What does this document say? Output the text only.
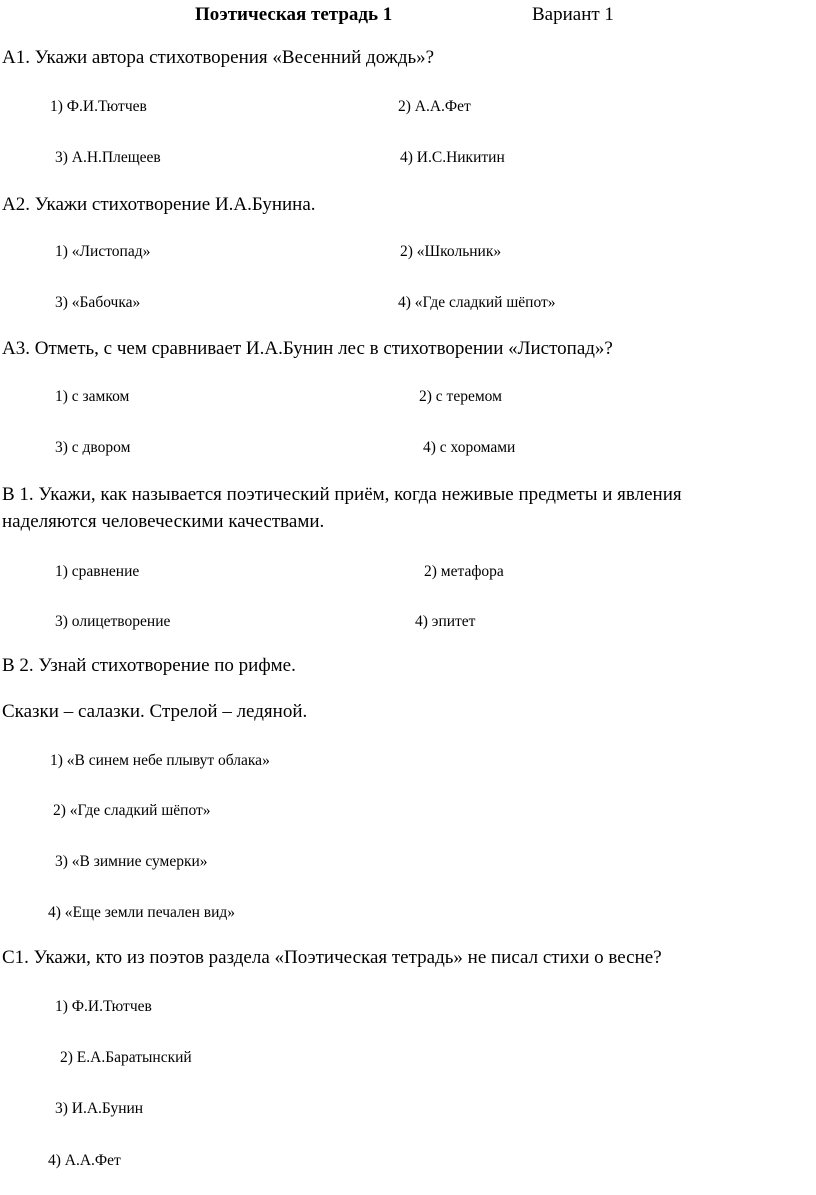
Поэтическая тетрадь 1	Вариант 1
А1. Укажи автора стихотворения «Весенний дождь»?
1) Ф.И.Тютчев	2) А.А.Фет
3) А.Н.Плещеев	4) И.С.Никитин
А2. Укажи стихотворение И.А.Бунина.
1) «Листопад»	2) «Школьник»
3) «Бабочка»	4) «Где сладкий шёпот»
А3. Отметь, с чем сравнивает И.А.Бунин лес в стихотворении «Листопад»?
1) с замком	2) с теремом
3) с двором	4) с хоромами
В 1. Укажи, как называется поэтический приём, когда неживые предметы и явления
наделяются человеческими качествами.
1) сравнение	2) метафора
3) олицетворение	4) эпитет
В 2. Узнай стихотворение по рифме.
Сказки – салазки. Стрелой – ледяной.
1) «В синем небе плывут облака»
2) «Где сладкий шёпот»
3) «В зимние сумерки»
4) «Еще земли печален вид»
С1. Укажи, кто из поэтов раздела «Поэтическая тетрадь» не писал стихи о весне?
1) Ф.И.Тютчев
2) Е.А.Баратынский
3) И.А.Бунин
4) А.А.Фет
